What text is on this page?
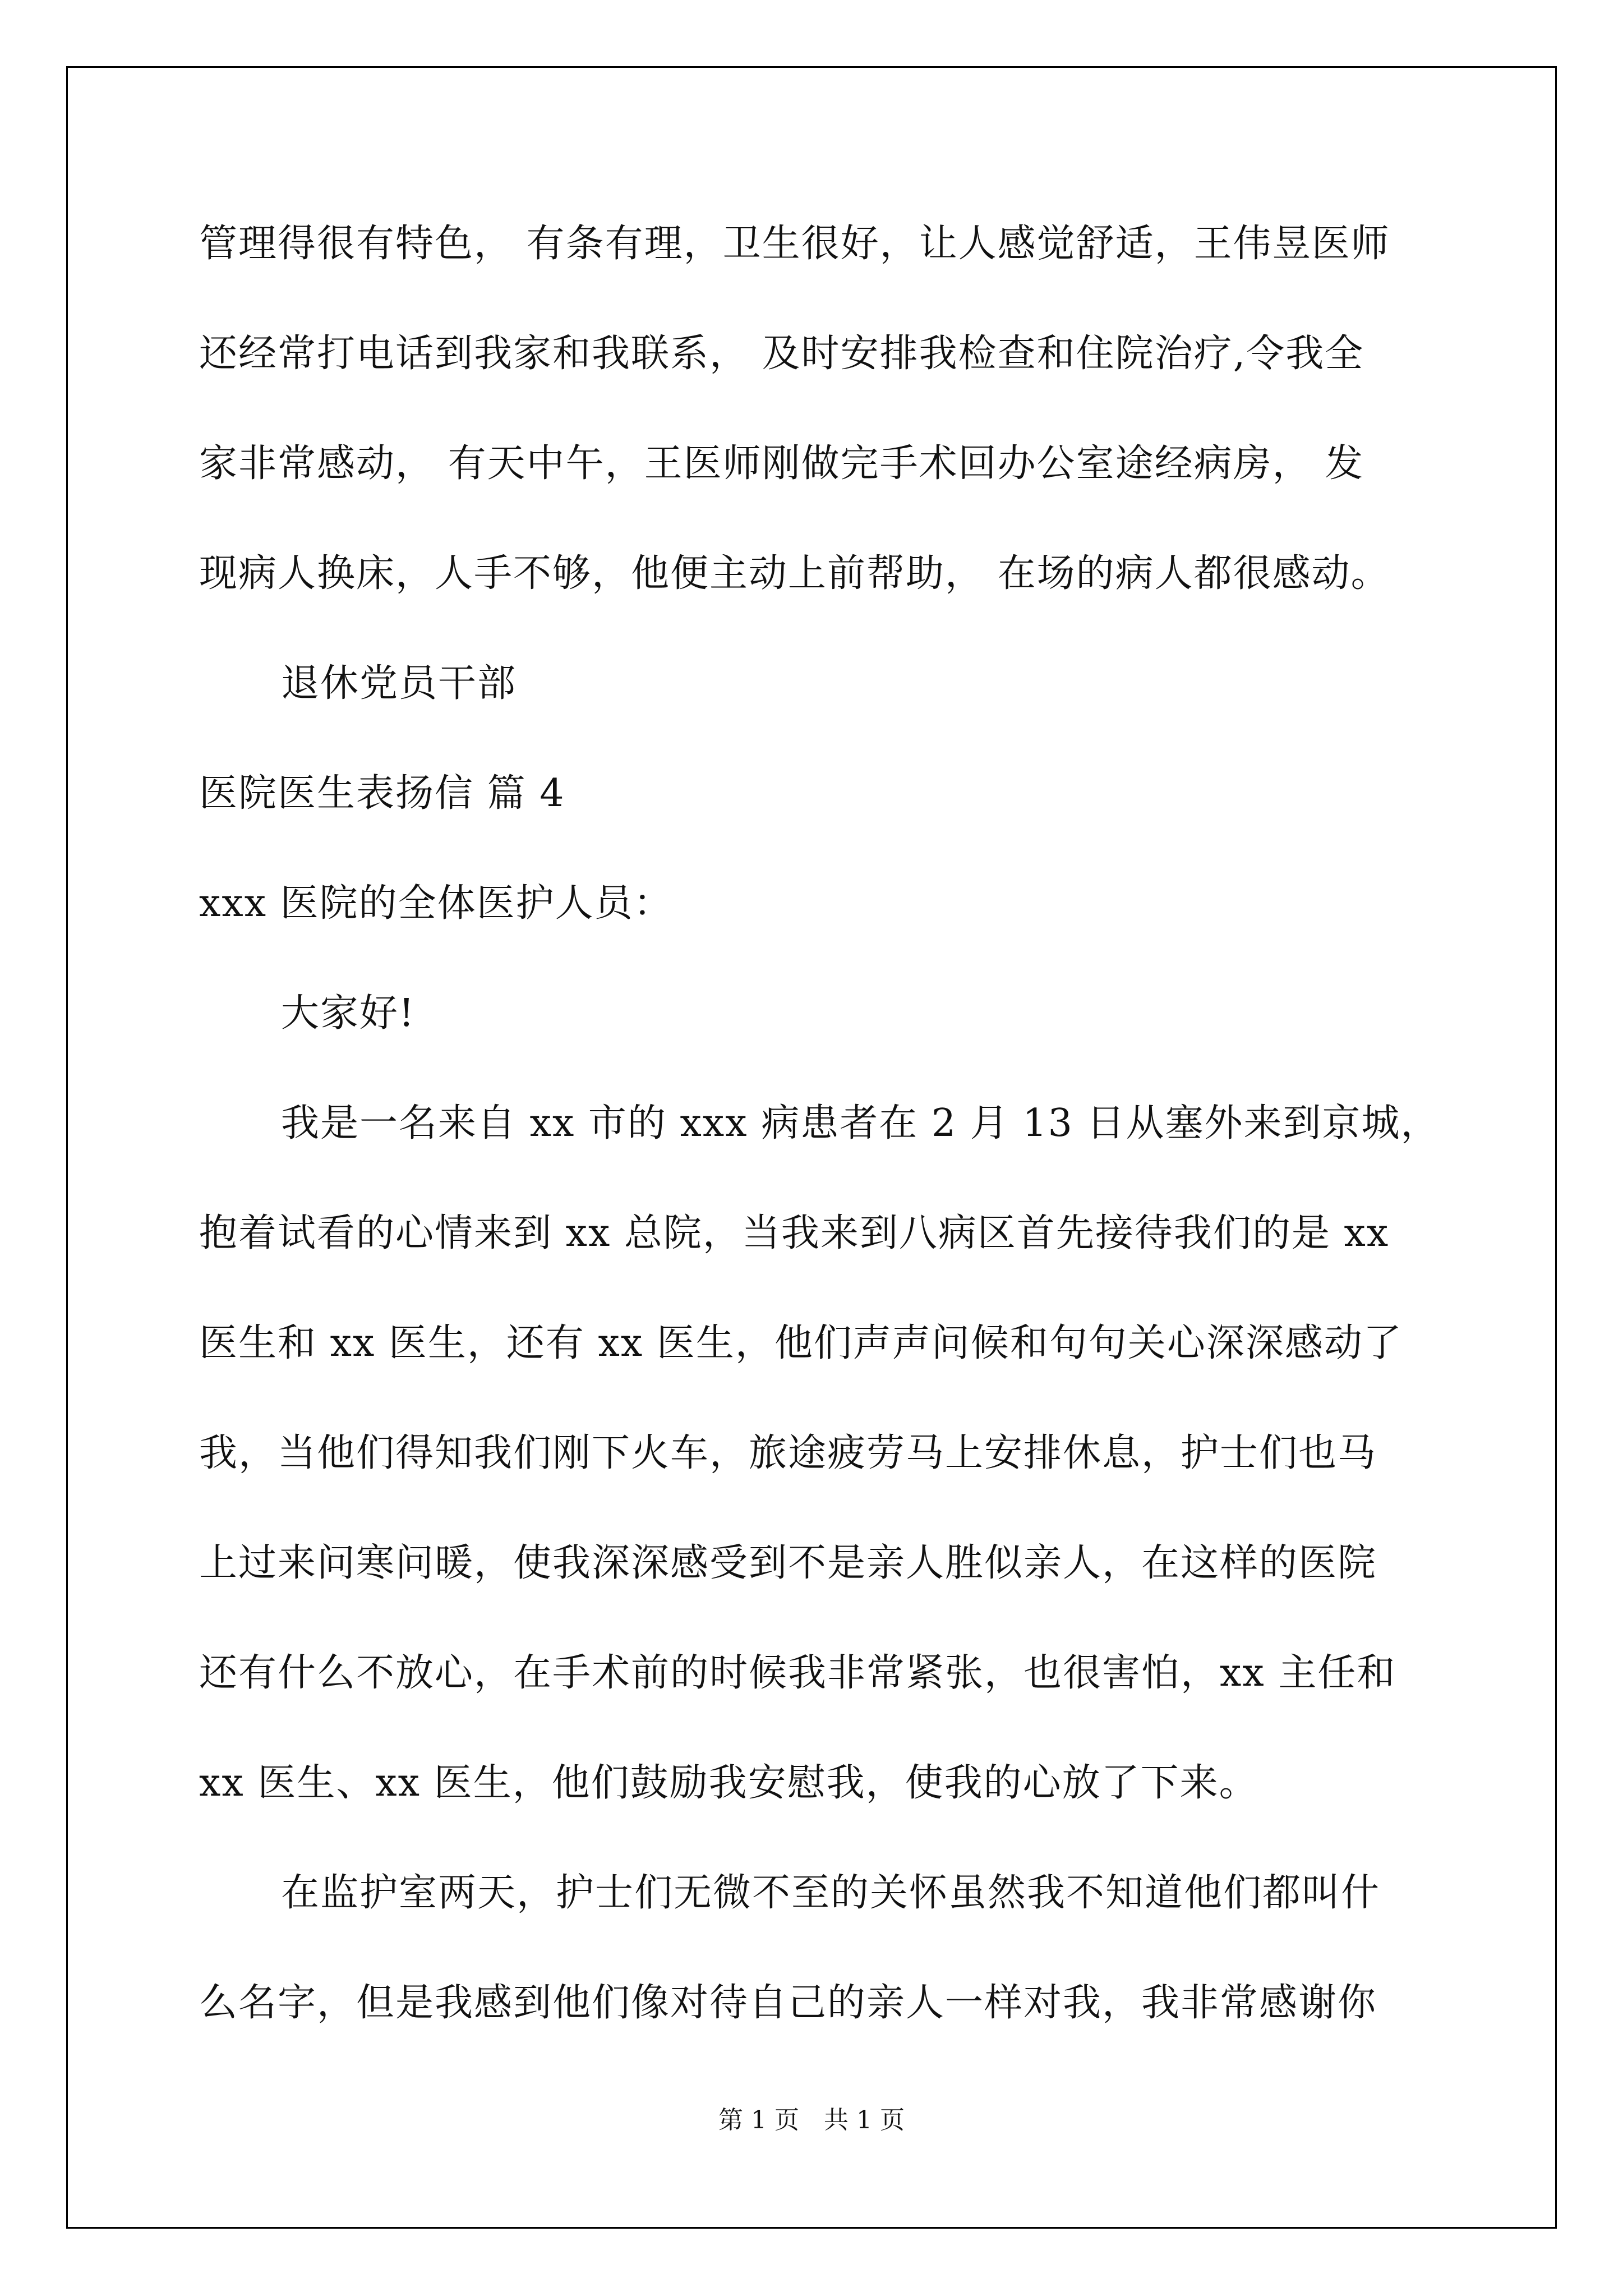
管理得很有特色， 有条有理，卫生很好，让人感觉舒适，王伟昱医师
还经常打电话到我家和我联系， 及时安排我检查和住院治疗,令我全
家非常感动， 有天中午，王医师刚做完手术回办公室途经病房， 发
现病人换床，人手不够，他便主动上前帮助， 在场的病人都很感动。
退休党员干部
医院医生表扬信 篇 4
xxx 医院的全体医护人员：
大家好!
我是一名来自 xx 市的 xxx 病患者在 2 月 13 日从塞外来到京城，
抱着试看的心情来到 xx 总院，当我来到八病区首先接待我们的是 xx
医生和 xx 医生，还有 xx 医生，他们声声问候和句句关心深深感动了
我，当他们得知我们刚下火车，旅途疲劳马上安排休息，护士们也马
上过来问寒问暖，使我深深感受到不是亲人胜似亲人，在这样的医院
还有什么不放心，在手术前的时候我非常紧张，也很害怕，xx 主任和
xx 医生、xx 医生，他们鼓励我安慰我，使我的心放了下来。
在监护室两天，护士们无微不至的关怀虽然我不知道他们都叫什
么名字，但是我感到他们像对待自己的亲人一样对我，我非常感谢你
第 1 页　共 1 页
